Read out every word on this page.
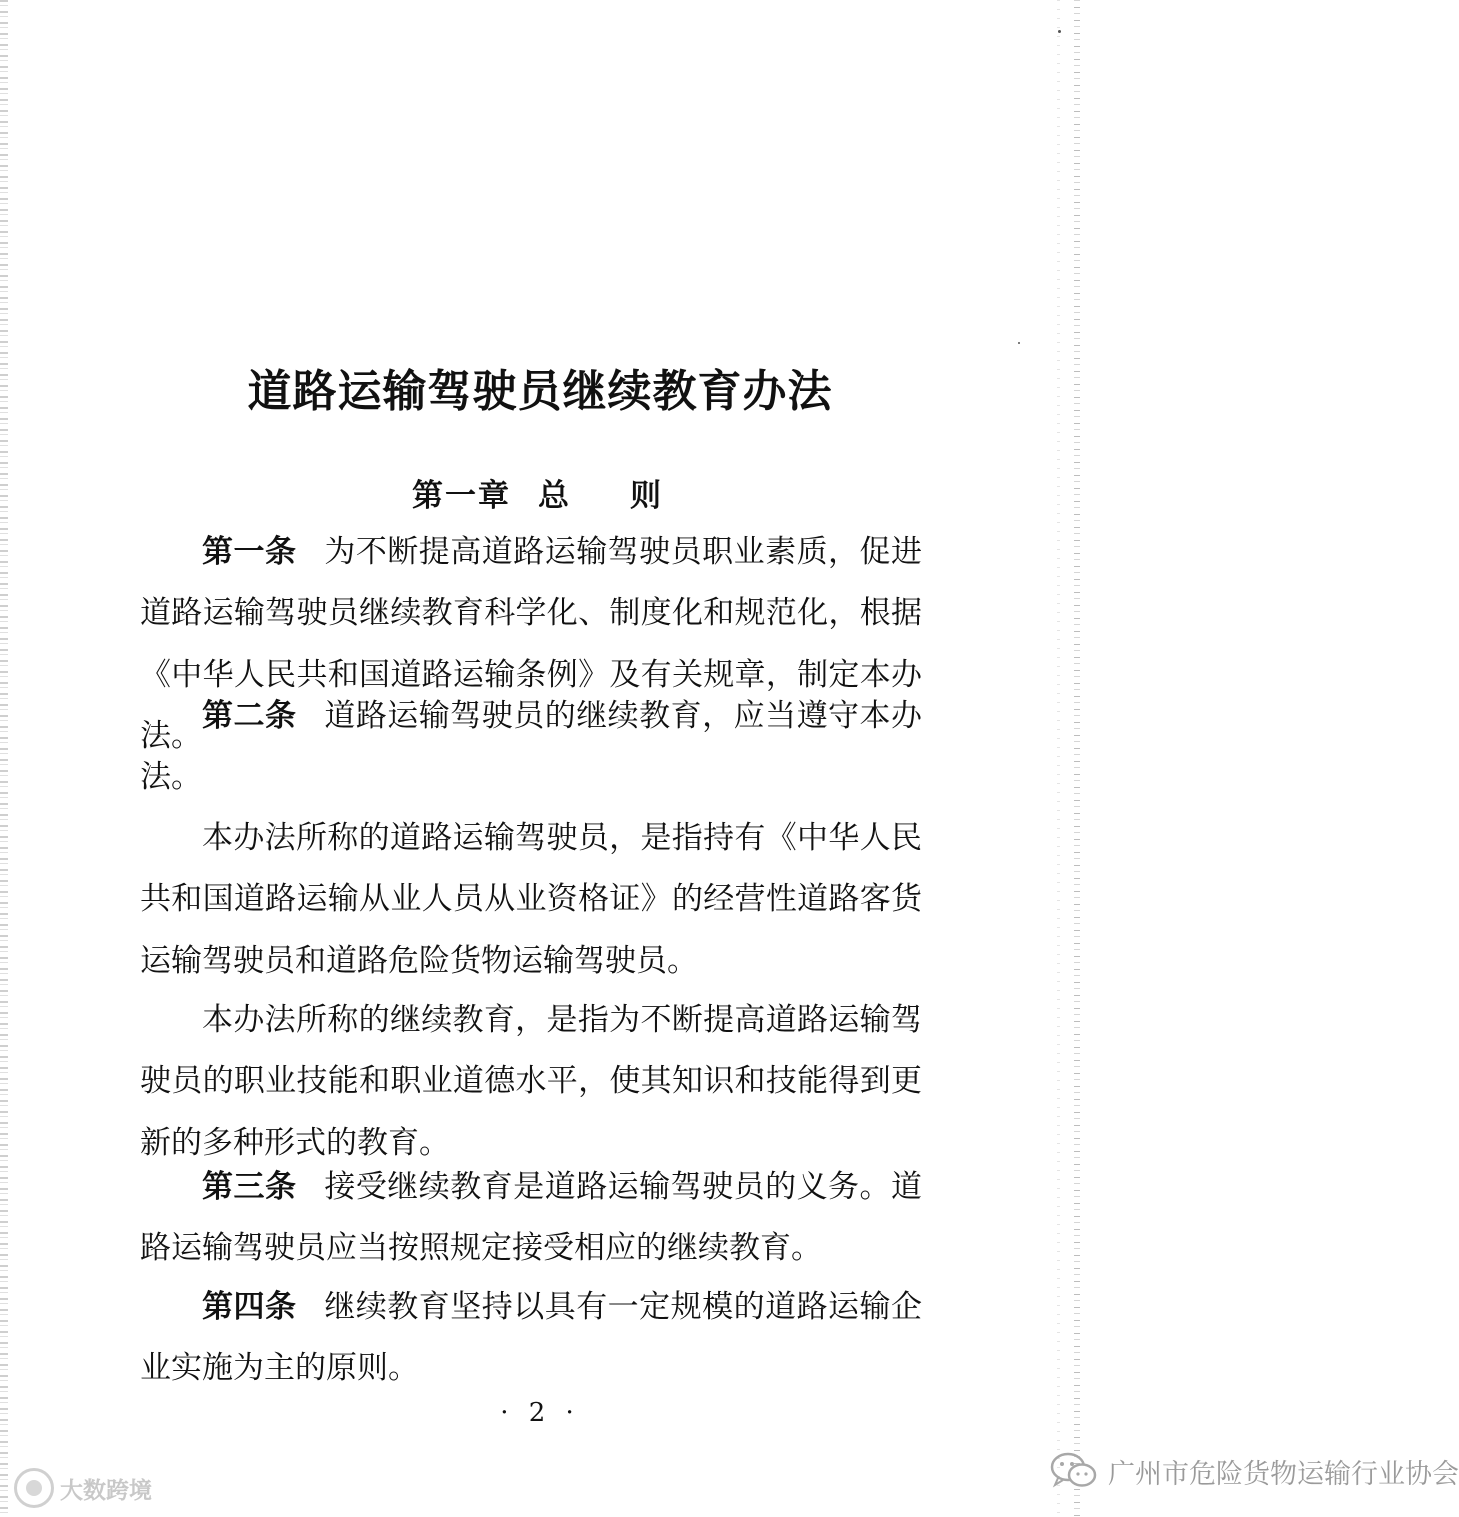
道路运输驾驶员继续教育办法
第一章 总 则

第一条 为不断提高道路运输驾驶员职业素质，促进道路运输驾驶员继续教育科学化、制度化和规范化，根据《中华人民共和国道路运输条例》及有关规章，制定本办法。

第二条 道路运输驾驶员的继续教育，应当遵守本办法。

本办法所称的道路运输驾驶员，是指持有《中华人民共和国道路运输从业人员从业资格证》的经营性道路客货运输驾驶员和道路危险货物运输驾驶员。

本办法所称的继续教育，是指为不断提高道路运输驾驶员的职业技能和职业道德水平，使其知识和技能得到更新的多种形式的教育。

第三条 接受继续教育是道路运输驾驶员的义务。道路运输驾驶员应当按照规定接受相应的继续教育。

第四条 继续教育坚持以具有一定规模的道路运输企业实施为主的原则。

· 2 ·
大数跨境
广州市危险货物运输行业协会
